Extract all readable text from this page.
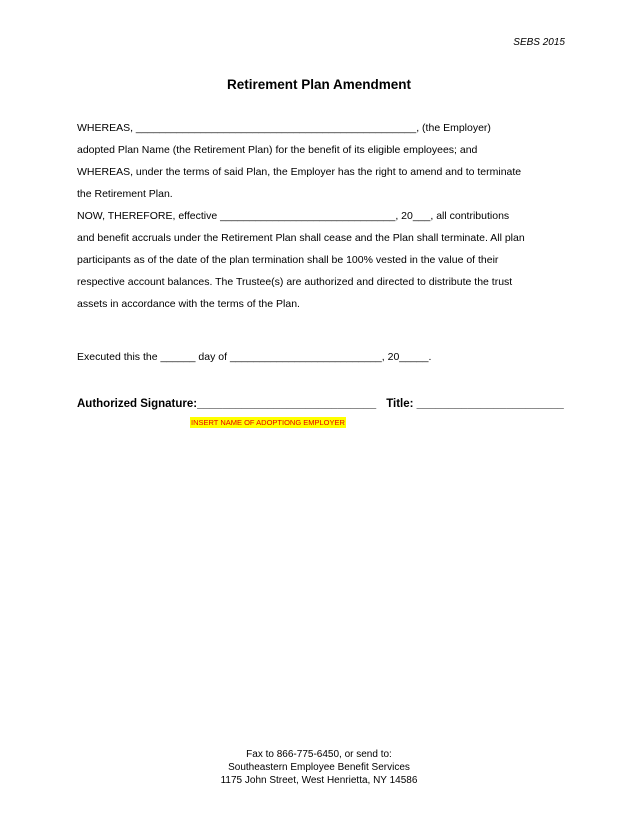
SEBS 2015
Retirement Plan Amendment
WHEREAS, ________________________________________________, (the Employer)
adopted Plan Name (the Retirement Plan) for the benefit of its eligible employees; and
WHEREAS, under the terms of said Plan, the Employer has the right to amend and to terminate
the Retirement Plan.
NOW, THEREFORE, effective ______________________________, 20___, all contributions
and benefit accruals under the Retirement Plan shall cease and the Plan shall terminate. All plan
participants as of the date of the plan termination shall be 100% vested in the value of their
respective account balances. The Trustee(s) are authorized and directed to distribute the trust
assets in accordance with the terms of the Plan.
Executed this the ______ day of __________________________, 20_____.
Authorized Signature:____________________________ Title: _______________________
INSERT NAME OF ADOPTIONG EMPLOYER
Fax to 866-775-6450, or send to:
Southeastern Employee Benefit Services
1175 John Street, West Henrietta, NY 14586
